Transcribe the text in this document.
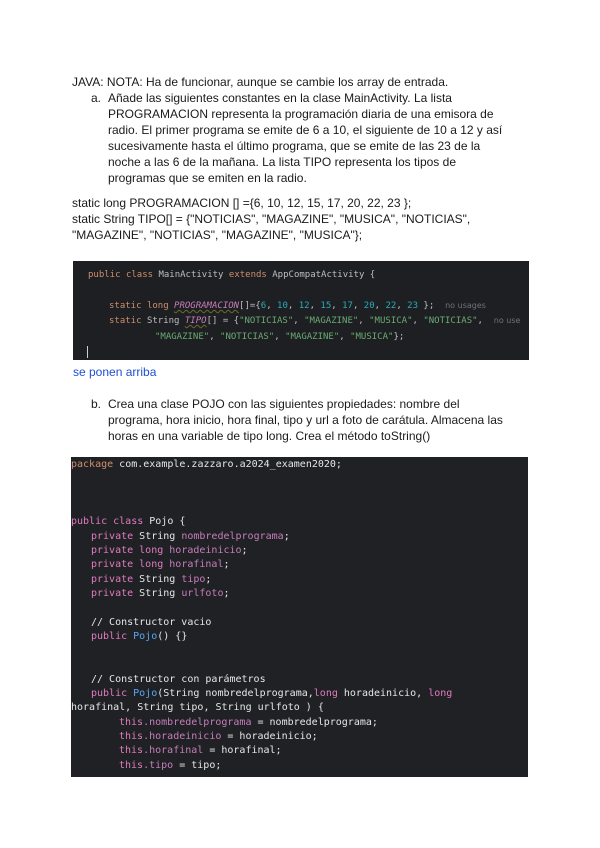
JAVA: NOTA: Ha de funcionar, aunque se cambie los array de entrada.
a. Añade las siguientes constantes en la clase MainActivity. La lista
PROGRAMACION representa la programación diaria de una emisora de
radio. El primer programa se emite de 6 a 10, el siguiente de 10 a 12 y así
sucesivamente hasta el último programa, que se emite de las 23 de la
noche a las 6 de la mañana. La lista TIPO representa los tipos de
programas que se emiten en la radio.
static long PROGRAMACION [] ={6, 10, 12, 15, 17, 20, 22, 23 };
static String TIPO[] = {"NOTICIAS", "MAGAZINE", "MUSICA", "NOTICIAS",
"MAGAZINE", "NOTICIAS", "MAGAZINE", "MUSICA"};
public class MainActivity extends AppCompatActivity {
static long PROGRAMACION[]={6, 10, 12, 15, 17, 20, 22, 23 }; no usages
static String TIPO[] = {"NOTICIAS", "MAGAZINE", "MUSICA", "NOTICIAS",  no use
"MAGAZINE", "NOTICIAS", "MAGAZINE", "MUSICA"};
se ponen arriba
b. Crea una clase POJO con las siguientes propiedades: nombre del
programa, hora inicio, hora final, tipo y url a foto de carátula. Almacena las
horas en una variable de tipo long. Crea el método toString()
package com.example.zazzaro.a2024_examen2020;
public class Pojo {
private String nombredelprograma;
private long horadeinicio;
private long horafinal;
private String tipo;
private String urlfoto;
// Constructor vacio
public Pojo() {}
// Constructor con parámetros
public Pojo(String nombredelprograma,long horadeinicio, long
horafinal, String tipo, String urlfoto ) {
this.nombredelprograma = nombredelprograma;
this.horadeinicio = horadeinicio;
this.horafinal = horafinal;
this.tipo = tipo;
